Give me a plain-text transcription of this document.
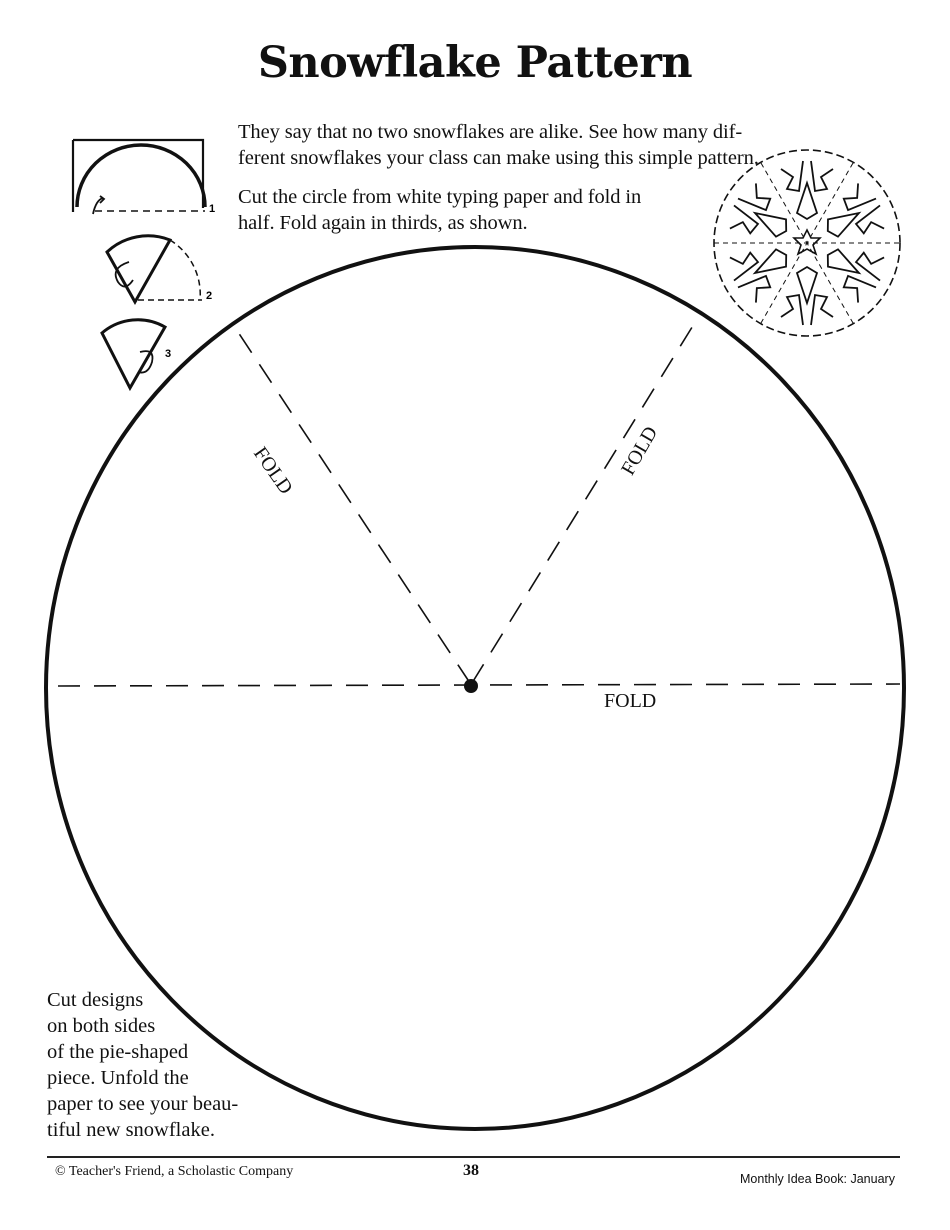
Snowflake Pattern

They say that no two snowflakes are alike. See how many dif-
ferent snowflakes your class can make using this simple pattern.

Cut the circle from white typing paper and fold in
half. Fold again in thirds, as shown.

1
2
3
FOLD
FOLD	FOLD

Cut designs
on both sides
of the pie-shaped
piece. Unfold the
paper to see your beau-
tiful new snowflake.

© Teacher's Friend, a Scholastic Company	38	Monthly Idea Book: January
